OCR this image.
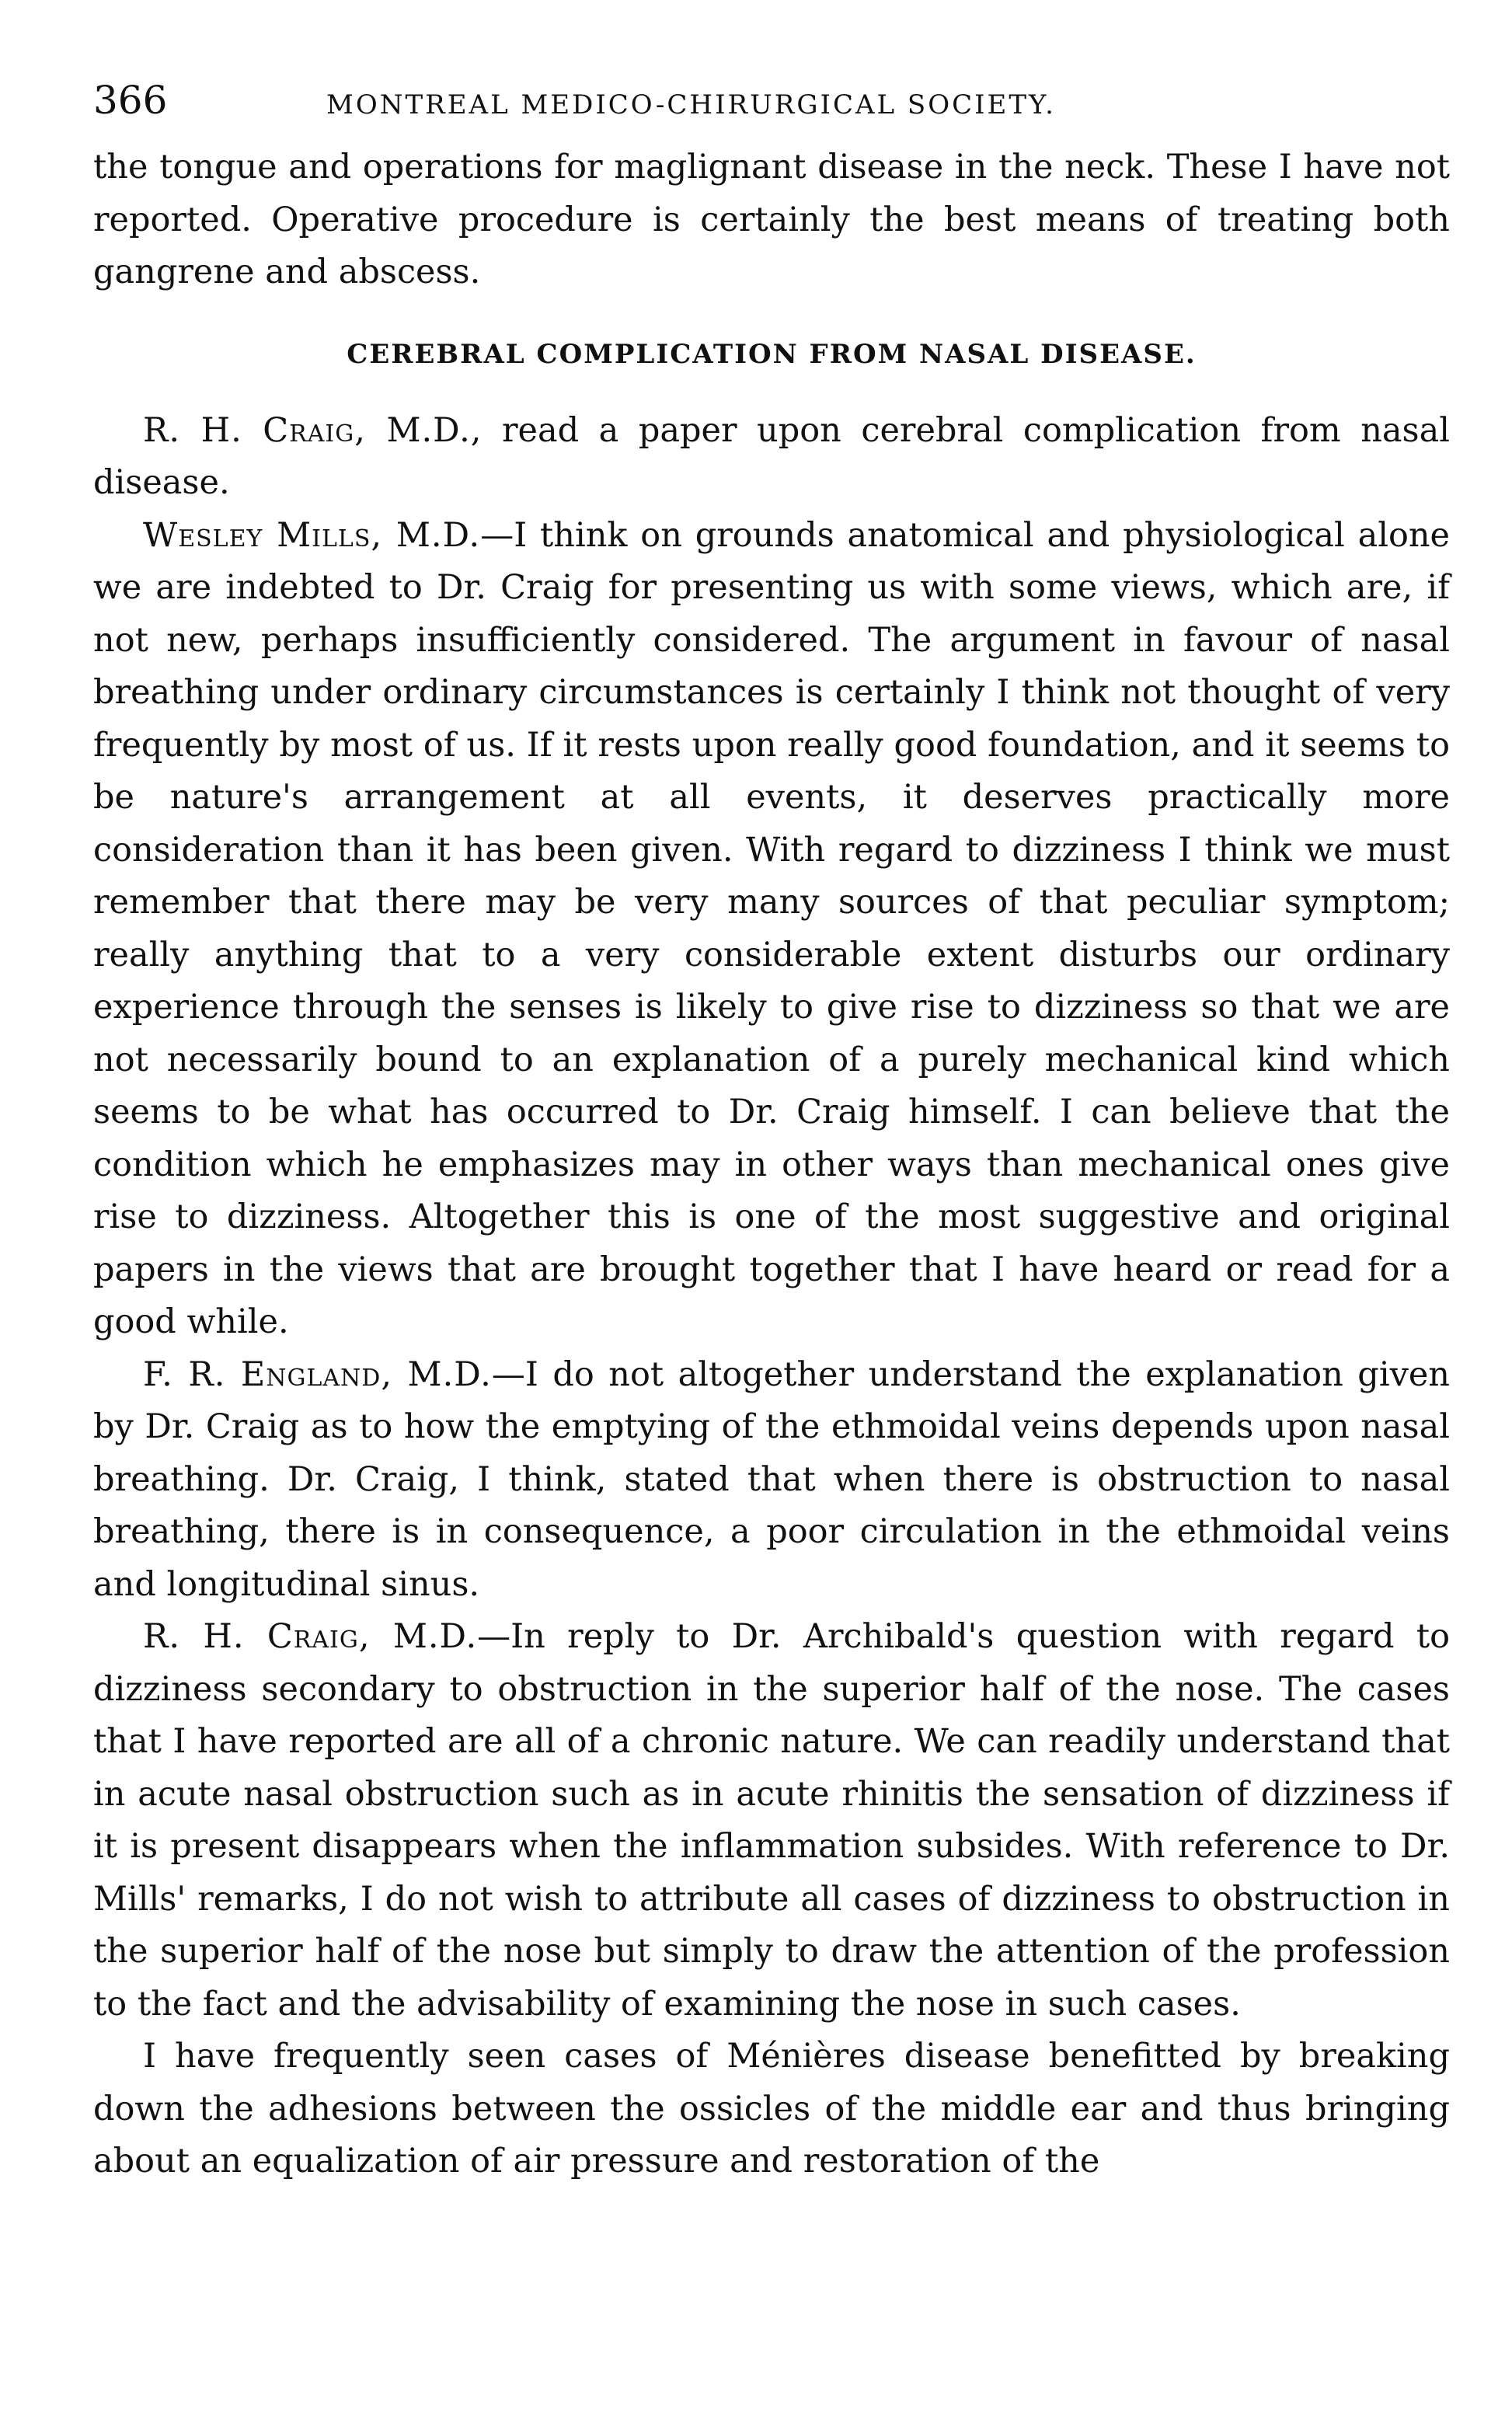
366	MONTREAL MEDICO-CHIRURGICAL SOCIETY.

the tongue and operations for maglignant disease in the neck. These I have not reported. Operative procedure is certainly the best means of treating both gangrene and abscess.

CEREBRAL COMPLICATION FROM NASAL DISEASE.

R. H. Craig, M.D., read a paper upon cerebral complication from nasal disease.

Wesley Mills, M.D.—I think on grounds anatomical and physiological alone we are indebted to Dr. Craig for presenting us with some views, which are, if not new, perhaps insufficiently considered. The argument in favour of nasal breathing under ordinary circumstances is certainly I think not thought of very frequently by most of us. If it rests upon really good foundation, and it seems to be nature's arrangement at all events, it deserves practically more consideration than it has been given. With regard to dizziness I think we must remember that there may be very many sources of that peculiar symptom; really anything that to a very considerable extent disturbs our ordinary experience through the senses is likely to give rise to dizziness so that we are not necessarily bound to an explanation of a purely mechanical kind which seems to be what has occurred to Dr. Craig himself. I can believe that the condition which he emphasizes may in other ways than mechanical ones give rise to dizziness. Altogether this is one of the most suggestive and original papers in the views that are brought together that I have heard or read for a good while.

F. R. England, M.D.—I do not altogether understand the explanation given by Dr. Craig as to how the emptying of the ethmoidal veins depends upon nasal breathing. Dr. Craig, I think, stated that when there is obstruction to nasal breathing, there is in consequence, a poor circulation in the ethmoidal veins and longitudinal sinus.

R. H. Craig, M.D.—In reply to Dr. Archibald's question with regard to dizziness secondary to obstruction in the superior half of the nose. The cases that I have reported are all of a chronic nature. We can readily understand that in acute nasal obstruction such as in acute rhinitis the sensation of dizziness if it is present disappears when the inflammation subsides. With reference to Dr. Mills' remarks, I do not wish to attribute all cases of dizziness to obstruction in the superior half of the nose but simply to draw the attention of the profession to the fact and the advisability of examining the nose in such cases.

I have frequently seen cases of Ménières disease benefitted by breaking down the adhesions between the ossicles of the middle ear and thus bringing about an equalization of air pressure and restoration of the
